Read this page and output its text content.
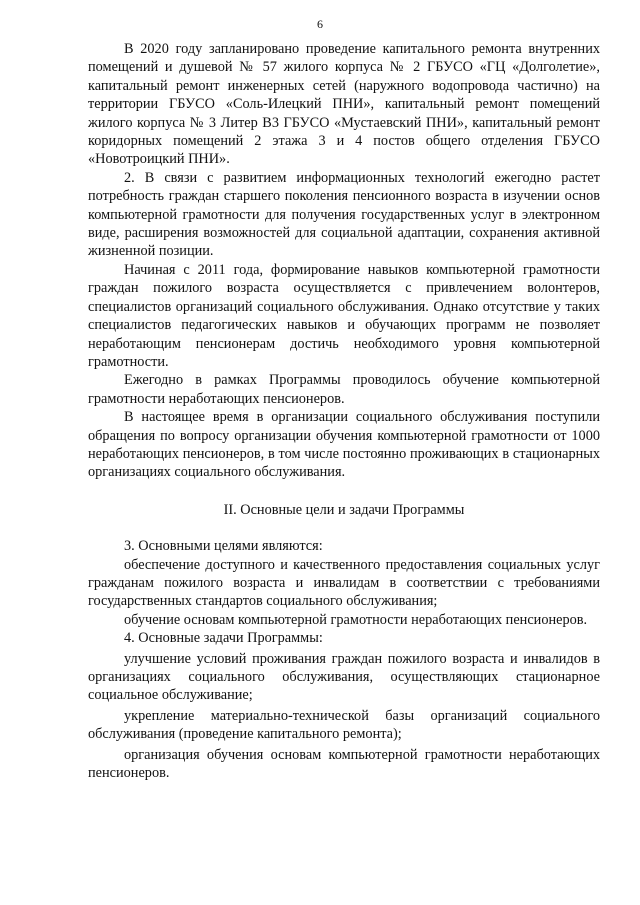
6

В 2020 году запланировано проведение капитального ремонта внутренних помещений и душевой № 57 жилого корпуса № 2 ГБУСО «ГЦ «Долголетие», капитальный ремонт инженерных сетей (наружного водопровода частично) на территории ГБУСО «Соль-Илецкий ПНИ», капитальный ремонт помещений жилого корпуса № 3 Литер В3 ГБУСО «Мустаевский ПНИ», капитальный ремонт коридорных помещений 2 этажа 3 и 4 постов общего отделения ГБУСО «Новотроицкий ПНИ».

2. В связи с развитием информационных технологий ежегодно растет потребность граждан старшего поколения пенсионного возраста в изучении основ компьютерной грамотности для получения государственных услуг в электронном виде, расширения возможностей для социальной адаптации, сохранения активной жизненной позиции.

Начиная с 2011 года, формирование навыков компьютерной грамотности граждан пожилого возраста осуществляется с привлечением волонтеров, специалистов организаций социального обслуживания. Однако отсутствие у таких специалистов педагогических навыков и обучающих программ не позволяет неработающим пенсионерам достичь необходимого уровня компьютерной грамотности.

Ежегодно в рамках Программы проводилось обучение компьютерной грамотности неработающих пенсионеров.

В настоящее время в организации социального обслуживания поступили обращения по вопросу организации обучения компьютерной грамотности от 1000 неработающих пенсионеров, в том числе постоянно проживающих в стационарных организациях социального обслуживания.

II. Основные цели и задачи Программы

3. Основными целями являются:

обеспечение доступного и качественного предоставления социальных услуг гражданам пожилого возраста и инвалидам в соответствии с требованиями государственных стандартов социального обслуживания;

обучение основам компьютерной грамотности неработающих пенсионеров.

4. Основные задачи Программы:

улучшение условий проживания граждан пожилого возраста и инвалидов в организациях социального обслуживания, осуществляющих стационарное социальное обслуживание;

укрепление материально-технической базы организаций социального обслуживания (проведение капитального ремонта);

организация обучения основам компьютерной грамотности неработающих пенсионеров.
